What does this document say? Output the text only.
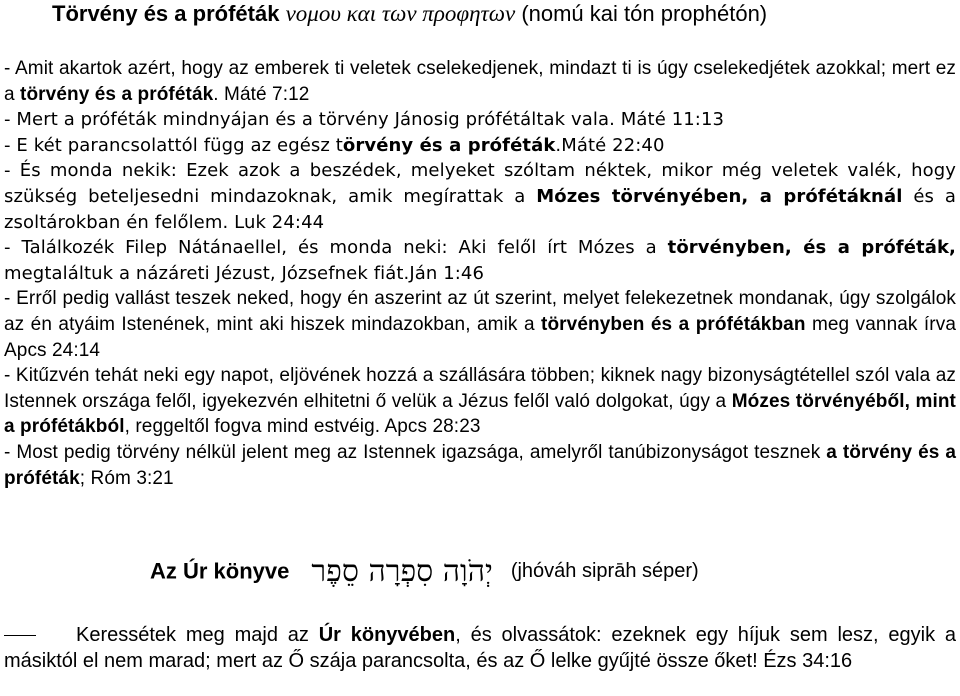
Törvény és a próféták νομου και των προφητων (nomú kai tón prophétón)
- Amit akartok azért, hogy az emberek ti veletek cselekedjenek, mindazt ti is úgy cselekedjétek azokkal; mert ez a törvény és a próféták. Máté 7:12
- Mert a próféták mindnyájan és a törvény Jánosig prófétáltak vala. Máté 11:13
- E két parancsolattól függ az egész törvény és a próféták.Máté 22:40
- És monda nekik: Ezek azok a beszédek, melyeket szóltam néktek, mikor még veletek valék, hogy szükség beteljesedni mindazoknak, amik megírattak a Mózes törvényében, a prófétáknál és a zsoltárokban én felőlem. Luk 24:44
- Találkozék Filep Nátánaellel, és monda neki: Aki felől írt Mózes a törvényben, és a próféták, megtaláltuk a názáreti Jézust, Józsefnek fiát.Ján 1:46
- Erről pedig vallást teszek neked, hogy én aszerint az út szerint, melyet felekezetnek mondanak, úgy szolgálok az én atyáim Istenének, mint aki hiszek mindazokban, amik a törvényben és a prófétákban meg vannak írva Apcs 24:14
- Kitűzvén tehát neki egy napot, eljövének hozzá a szállására többen; kiknek nagy bizonyságtétellel szól vala az Istennek országa felől, igyekezvén elhitetni ő velük a Jézus felől való dolgokat, úgy a Mózes törvényéből, mint a prófétákból, reggeltől fogva mind estvéig. Apcs 28:23
- Most pedig törvény nélkül jelent meg az Istennek igazsága, amelyről tanúbizonyságot tesznek a törvény és a próféták; Róm 3:21
Az Úr könyve יְהֹוָה סִפְרָה סֵפֶר (jhóváh siprāh séper)
Keressétek meg majd az Úr könyvében, és olvassátok: ezeknek egy híjuk sem lesz, egyik a másiktól el nem marad; mert az Ő szája parancsolta, és az Ő lelke gyűjté össze őket! Ézs 34:16
